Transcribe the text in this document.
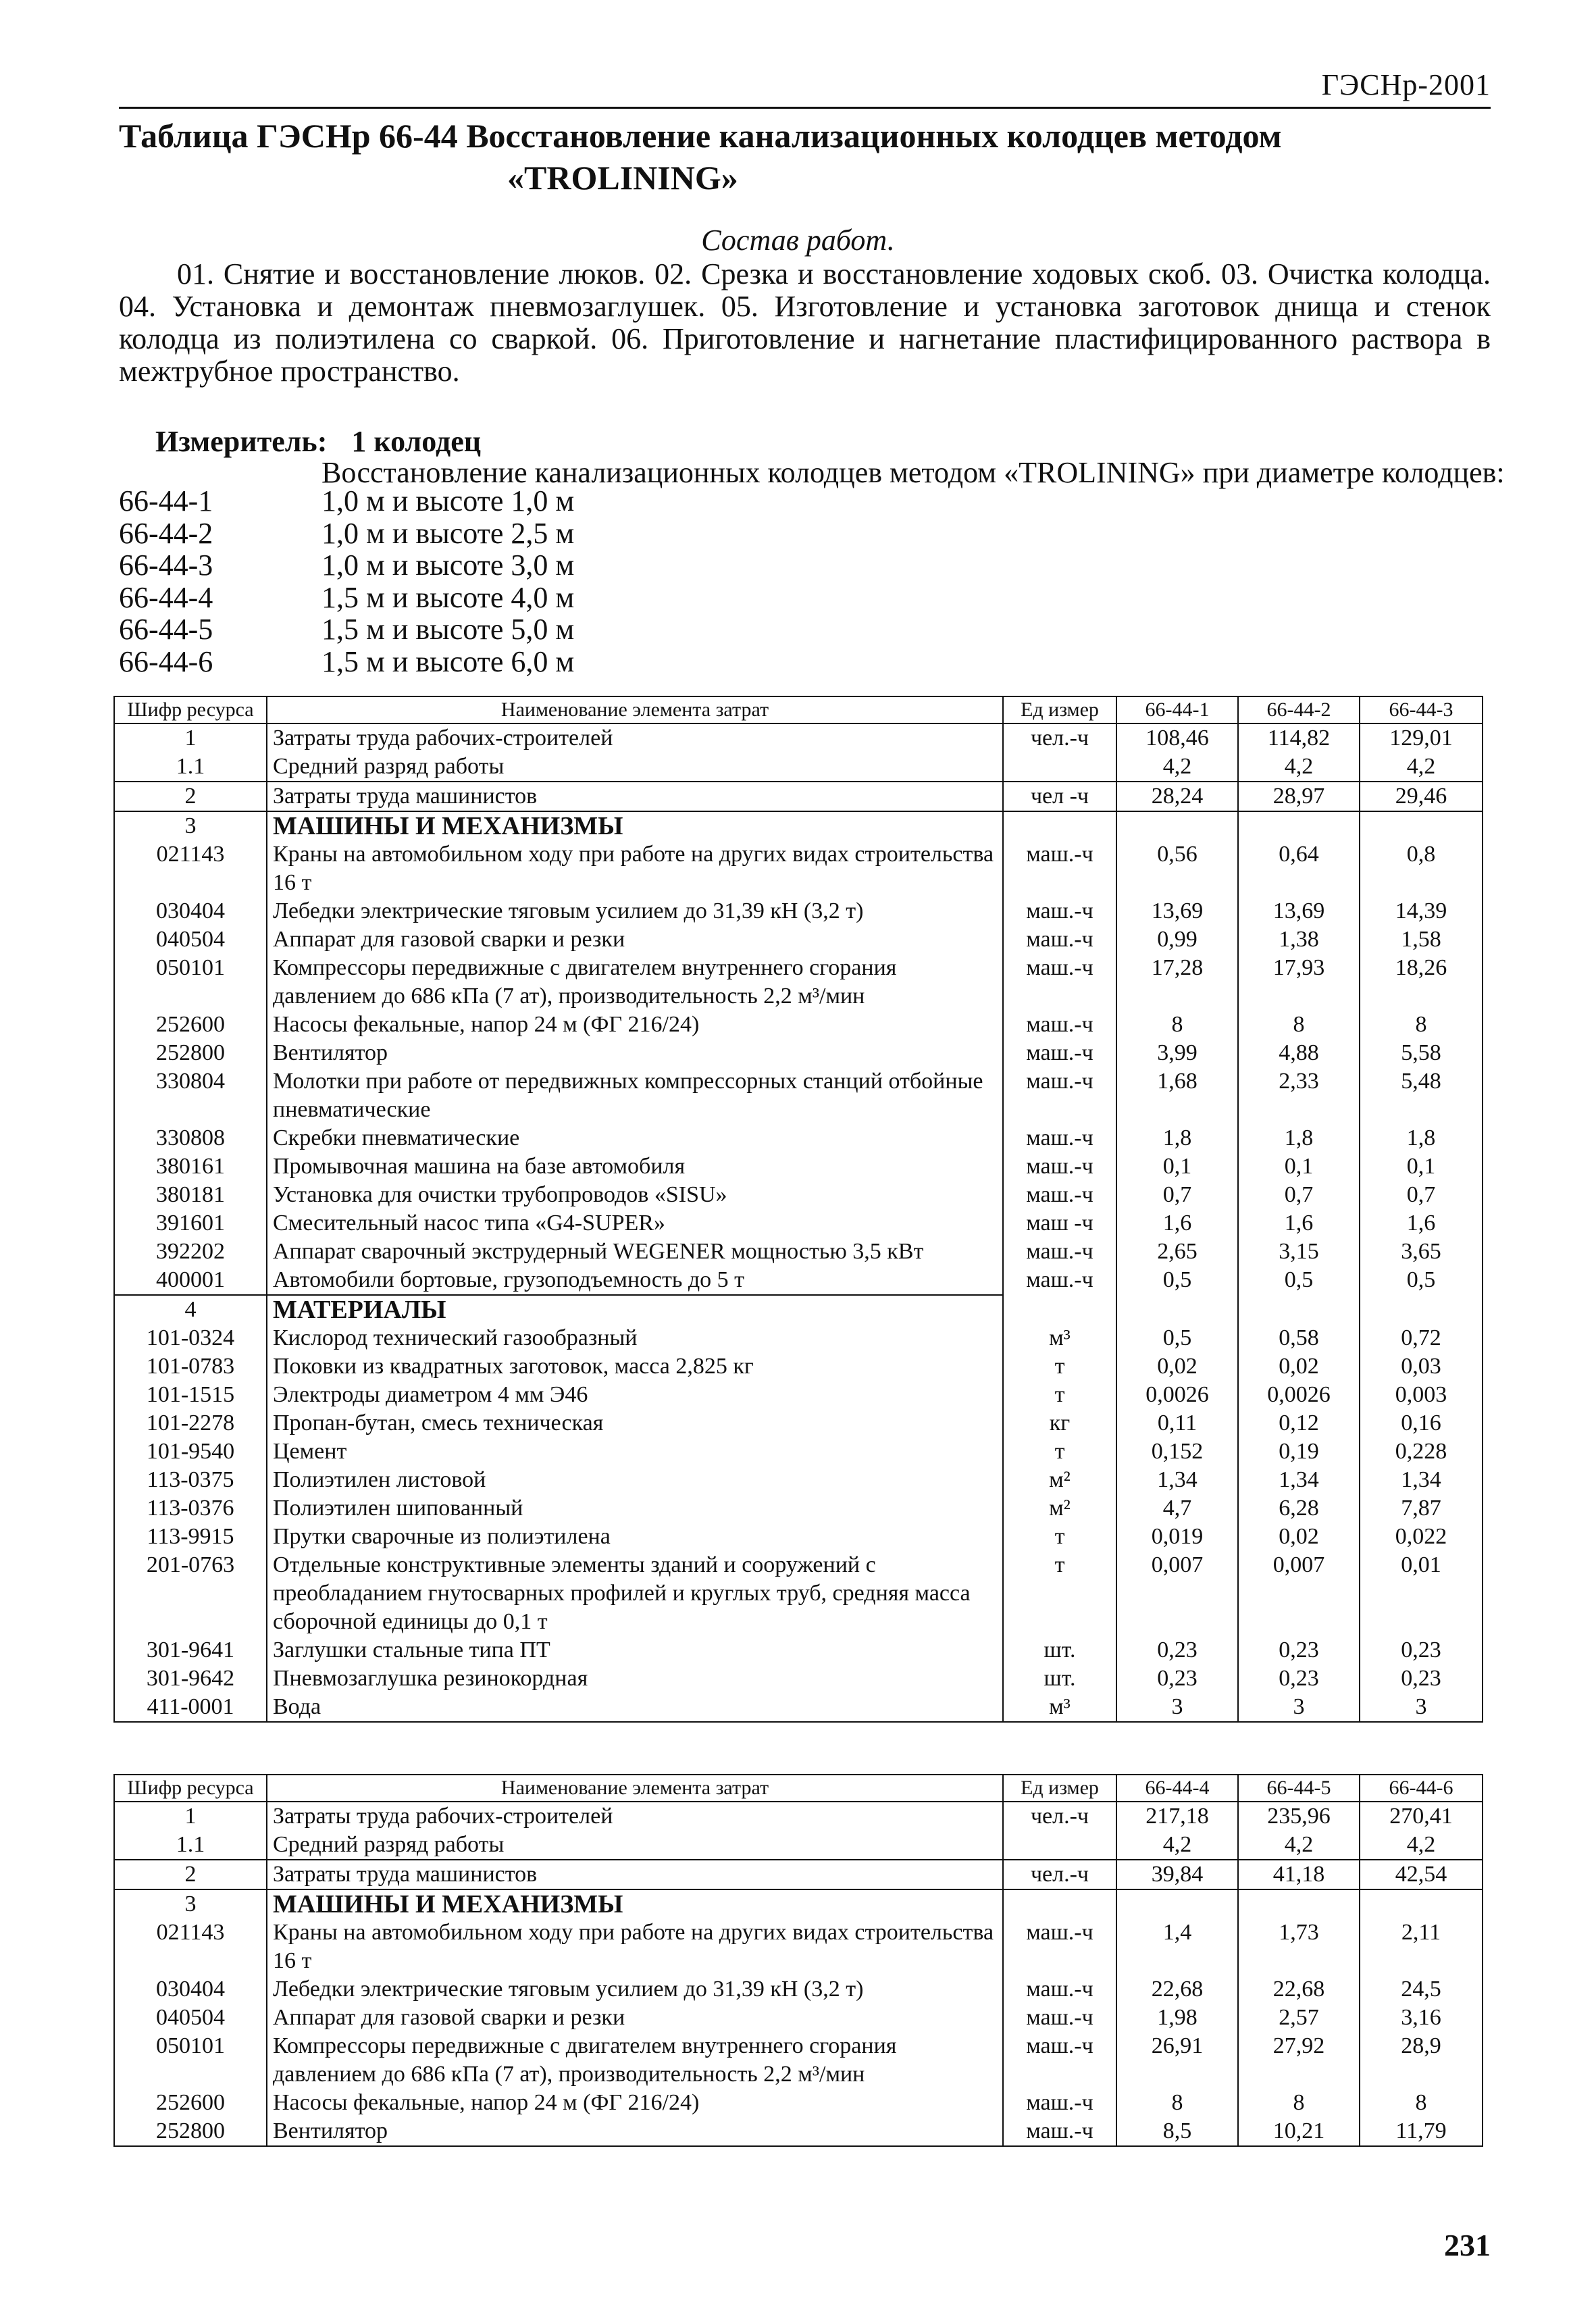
ГЭСНр-2001
Таблица ГЭСНр 66-44 Восстановление канализационных колодцев методом
«TROLINING»
Состав работ.
01. Снятие и восстановление люков. 02. Срезка и восстановление ходовых скоб. 03. Очистка колодца. 04. Установка и демонтаж пневмозаглушек. 05. Изготовление и установка заготовок днища и стенок колодца из полиэтилена со сваркой. 06. Приготовление и нагнетание пластифицированного раствора в межтрубное пространство.
Измеритель: 1 колодец
Восстановление канализационных колодцев методом «TROLINING» при диаметре колодцев:
66-44-1	1,0 м и высоте 1,0 м
66-44-2	1,0 м и высоте 2,5 м
66-44-3	1,0 м и высоте 3,0 м
66-44-4	1,5 м и высоте 4,0 м
66-44-5	1,5 м и высоте 5,0 м
66-44-6	1,5 м и высоте 6,0 м
Шифр ресурса	Наименование элемента затрат	Ед измер	66-44-1	66-44-2	66-44-3
1	Затраты труда рабочих-строителей	чел.-ч	108,46	114,82	129,01
1.1	Средний разряд работы		4,2	4,2	4,2
2	Затраты труда машинистов	чел -ч	28,24	28,97	29,46
3	МАШИНЫ И МЕХАНИЗМЫ				
021143	Краны на автомобильном ходу при работе на других видах строительства 16 т	маш.-ч	0,56	0,64	0,8
030404	Лебедки электрические тяговым усилием до 31,39 кН (3,2 т)	маш.-ч	13,69	13,69	14,39
040504	Аппарат для газовой сварки и резки	маш.-ч	0,99	1,38	1,58
050101	Компрессоры передвижные с двигателем внутреннего сгорания давлением до 686 кПа (7 ат), производительность 2,2 м³/мин	маш.-ч	17,28	17,93	18,26
252600	Насосы фекальные, напор 24 м (ФГ 216/24)	маш.-ч	8	8	8
252800	Вентилятор	маш.-ч	3,99	4,88	5,58
330804	Молотки при работе от передвижных компрессорных станций отбойные пневматические	маш.-ч	1,68	2,33	5,48
330808	Скребки пневматические	маш.-ч	1,8	1,8	1,8
380161	Промывочная машина на базе автомобиля	маш.-ч	0,1	0,1	0,1
380181	Установка для очистки трубопроводов «SISU»	маш.-ч	0,7	0,7	0,7
391601	Смесительный насос типа «G4-SUPER»	маш -ч	1,6	1,6	1,6
392202	Аппарат сварочный экструдерный WEGENER мощностью 3,5 кВт	маш.-ч	2,65	3,15	3,65
400001	Автомобили бортовые, грузоподъемность до 5 т	маш.-ч	0,5	0,5	0,5
4	МАТЕРИАЛЫ				
101-0324	Кислород технический газообразный	м³	0,5	0,58	0,72
101-0783	Поковки из квадратных заготовок, масса 2,825 кг	т	0,02	0,02	0,03
101-1515	Электроды диаметром 4 мм Э46	т	0,0026	0,0026	0,003
101-2278	Пропан-бутан, смесь техническая	кг	0,11	0,12	0,16
101-9540	Цемент	т	0,152	0,19	0,228
113-0375	Полиэтилен листовой	м²	1,34	1,34	1,34
113-0376	Полиэтилен шипованный	м²	4,7	6,28	7,87
113-9915	Прутки сварочные из полиэтилена	т	0,019	0,02	0,022
201-0763	Отдельные конструктивные элементы зданий и сооружений с преобладанием гнутосварных профилей и круглых труб, средняя масса сборочной единицы до 0,1 т	т	0,007	0,007	0,01
301-9641	Заглушки стальные типа ПТ	шт.	0,23	0,23	0,23
301-9642	Пневмозаглушка резинокордная	шт.	0,23	0,23	0,23
411-0001	Вода	м³	3	3	3
Шифр ресурса	Наименование элемента затрат	Ед измер	66-44-4	66-44-5	66-44-6
1	Затраты труда рабочих-строителей	чел.-ч	217,18	235,96	270,41
1.1	Средний разряд работы		4,2	4,2	4,2
2	Затраты труда машинистов	чел.-ч	39,84	41,18	42,54
3	МАШИНЫ И МЕХАНИЗМЫ				
021143	Краны на автомобильном ходу при работе на других видах строительства 16 т	маш.-ч	1,4	1,73	2,11
030404	Лебедки электрические тяговым усилием до 31,39 кН (3,2 т)	маш.-ч	22,68	22,68	24,5
040504	Аппарат для газовой сварки и резки	маш.-ч	1,98	2,57	3,16
050101	Компрессоры передвижные с двигателем внутреннего сгорания давлением до 686 кПа (7 ат), производительность 2,2 м³/мин	маш.-ч	26,91	27,92	28,9
252600	Насосы фекальные, напор 24 м (ФГ 216/24)	маш.-ч	8	8	8
252800	Вентилятор	маш.-ч	8,5	10,21	11,79
231
